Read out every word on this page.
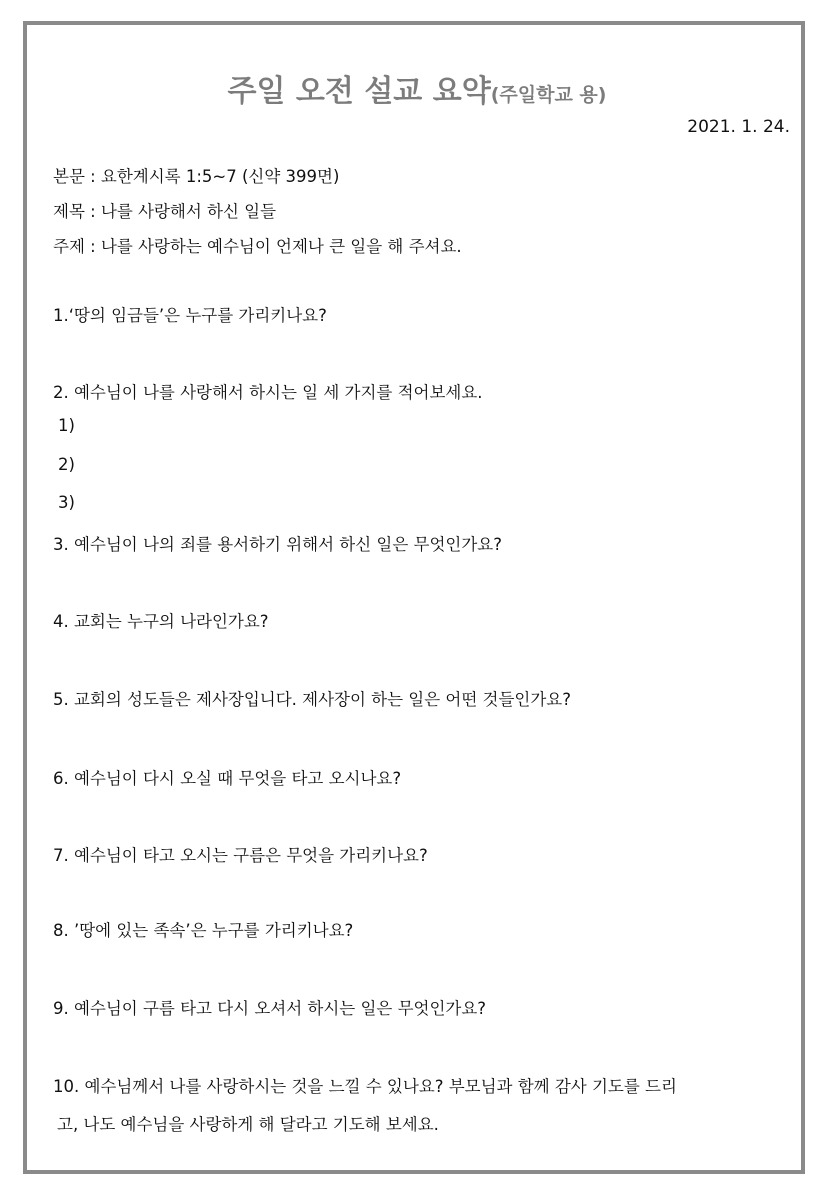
주일 오전 설교 요약(주일학교 용)
2021. 1. 24.
본문 : 요한계시록 1:5~7 (신약 399면)
제목 : 나를 사랑해서 하신 일들
주제 : 나를 사랑하는 예수님이 언제나 큰 일을 해 주셔요.
1.‘땅의 임금들’은 누구를 가리키나요?
2. 예수님이 나를 사랑해서 하시는 일 세 가지를 적어보세요.
1)
2)
3)
3. 예수님이 나의 죄를 용서하기 위해서 하신 일은 무엇인가요?
4. 교회는 누구의 나라인가요?
5. 교회의 성도들은 제사장입니다. 제사장이 하는 일은 어떤 것들인가요?
6. 예수님이 다시 오실 때 무엇을 타고 오시나요?
7. 예수님이 타고 오시는 구름은 무엇을 가리키나요?
8. ’땅에 있는 족속’은 누구를 가리키나요?
9. 예수님이 구름 타고 다시 오셔서 하시는 일은 무엇인가요?
10. 예수님께서 나를 사랑하시는 것을 느낄 수 있나요? 부모님과 함께 감사 기도를 드리
고, 나도 예수님을 사랑하게 해 달라고 기도해 보세요.
